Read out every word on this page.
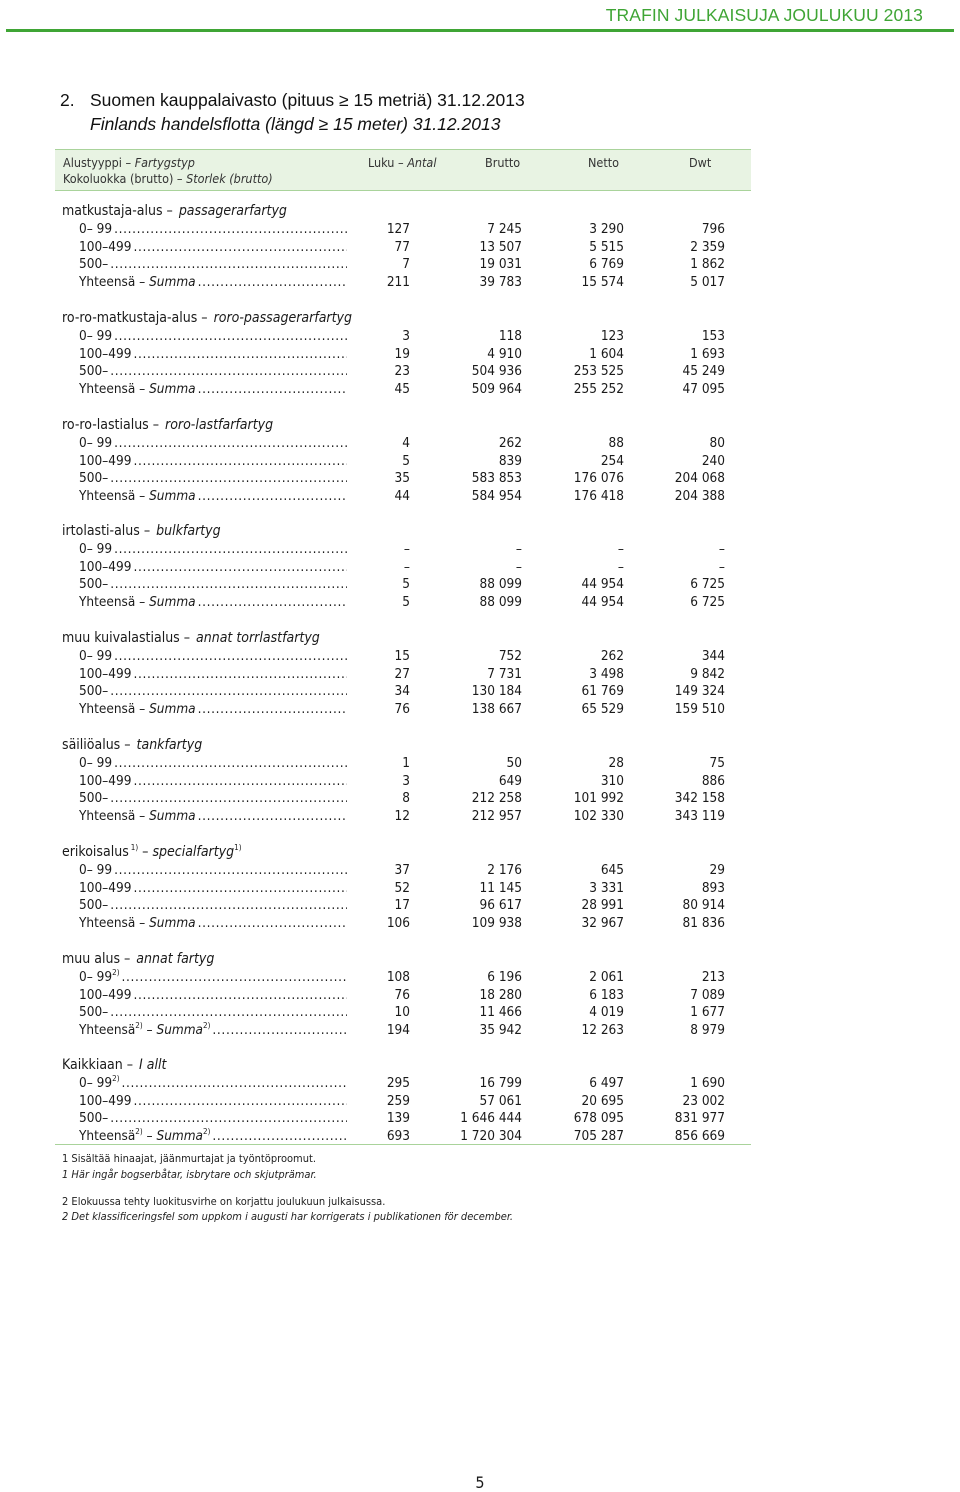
TRAFIN JULKAISUJA JOULUKUU 2013
2. Suomen kauppalaivasto (pituus ≥ 15 metriä) 31.12.2013
Finlands handelsflotta (längd ≥ 15 meter) 31.12.2013
Alustyyppi – Fartygstyp
Kokoluokka (brutto) – Storlek (brutto)
Luku – Antal	Brutto	Netto	Dwt
matkustaja-alus – passagerarfartyg
0– 99 . . .	127	7 245	3 290	796
100–499 . . .	77	13 507	5 515	2 359
500– . . .	7	19 031	6 769	1 862
Yhteensä – Summa . . .	211	39 783	15 574	5 017
ro-ro-matkustaja-alus – roro-passagerarfartyg
0– 99 . . .	3	118	123	153
100–499 . . .	19	4 910	1 604	1 693
500– . . .	23	504 936	253 525	45 249
Yhteensä – Summa . . .	45	509 964	255 252	47 095
ro-ro-lastialus – roro-lastfarfartyg
0– 99 . . .	4	262	88	80
100–499 . . .	5	839	254	240
500– . . .	35	583 853	176 076	204 068
Yhteensä – Summa . . .	44	584 954	176 418	204 388
irtolasti-alus – bulkfartyg
0– 99 . . .	–	–	–	–
100–499 . . .	–	–	–	–
500– . . .	5	88 099	44 954	6 725
Yhteensä – Summa . . .	5	88 099	44 954	6 725
muu kuivalastialus – annat torrlastfartyg
0– 99 . . .	15	752	262	344
100–499 . . .	27	7 731	3 498	9 842
500– . . .	34	130 184	61 769	149 324
Yhteensä – Summa . . .	76	138 667	65 529	159 510
säiliöalus – tankfartyg
0– 99 . . .	1	50	28	75
100–499 . . .	3	649	310	886
500– . . .	8	212 258	101 992	342 158
Yhteensä – Summa . . .	12	212 957	102 330	343 119
erikoisalus $^{1)}$ – specialfartyg$^{1)}$
0– 99 . . .	37	2 176	645	29
100–499 . . .	52	11 145	3 331	893
500– . . .	17	96 617	28 991	80 914
Yhteensä – Summa . . .	106	109 938	32 967	81 836
muu alus – annat fartyg
0– 99$^{2)}$ . . .	108	6 196	2 061	213
100–499 . . .	76	18 280	6 183	7 089
500– . . .	10	11 466	4 019	1 677
Yhteensä$^{2)}$ – Summa$^{2)}$ . . .	194	35 942	12 263	8 979
Kaikkiaan – I allt
0– 99$^{2)}$ . . .	295	16 799	6 497	1 690
100–499 . . .	259	57 061	20 695	23 002
500– . . .	139	1 646 444	678 095	831 977
Yhteensä$^{2)}$ – Summa$^{2)}$ . . .	693	1 720 304	705 287	856 669
1 Sisältää hinaajat, jäänmurtajat ja työntöproomut.
1 Här ingår bogserbåtar, isbrytare och skjutprämar.
2 Elokuussa tehty luokitusvirhe on korjattu joulukuun julkaisussa.
2 Det klassificeringsfel som uppkom i augusti har korrigerats i publikationen för december.
5
